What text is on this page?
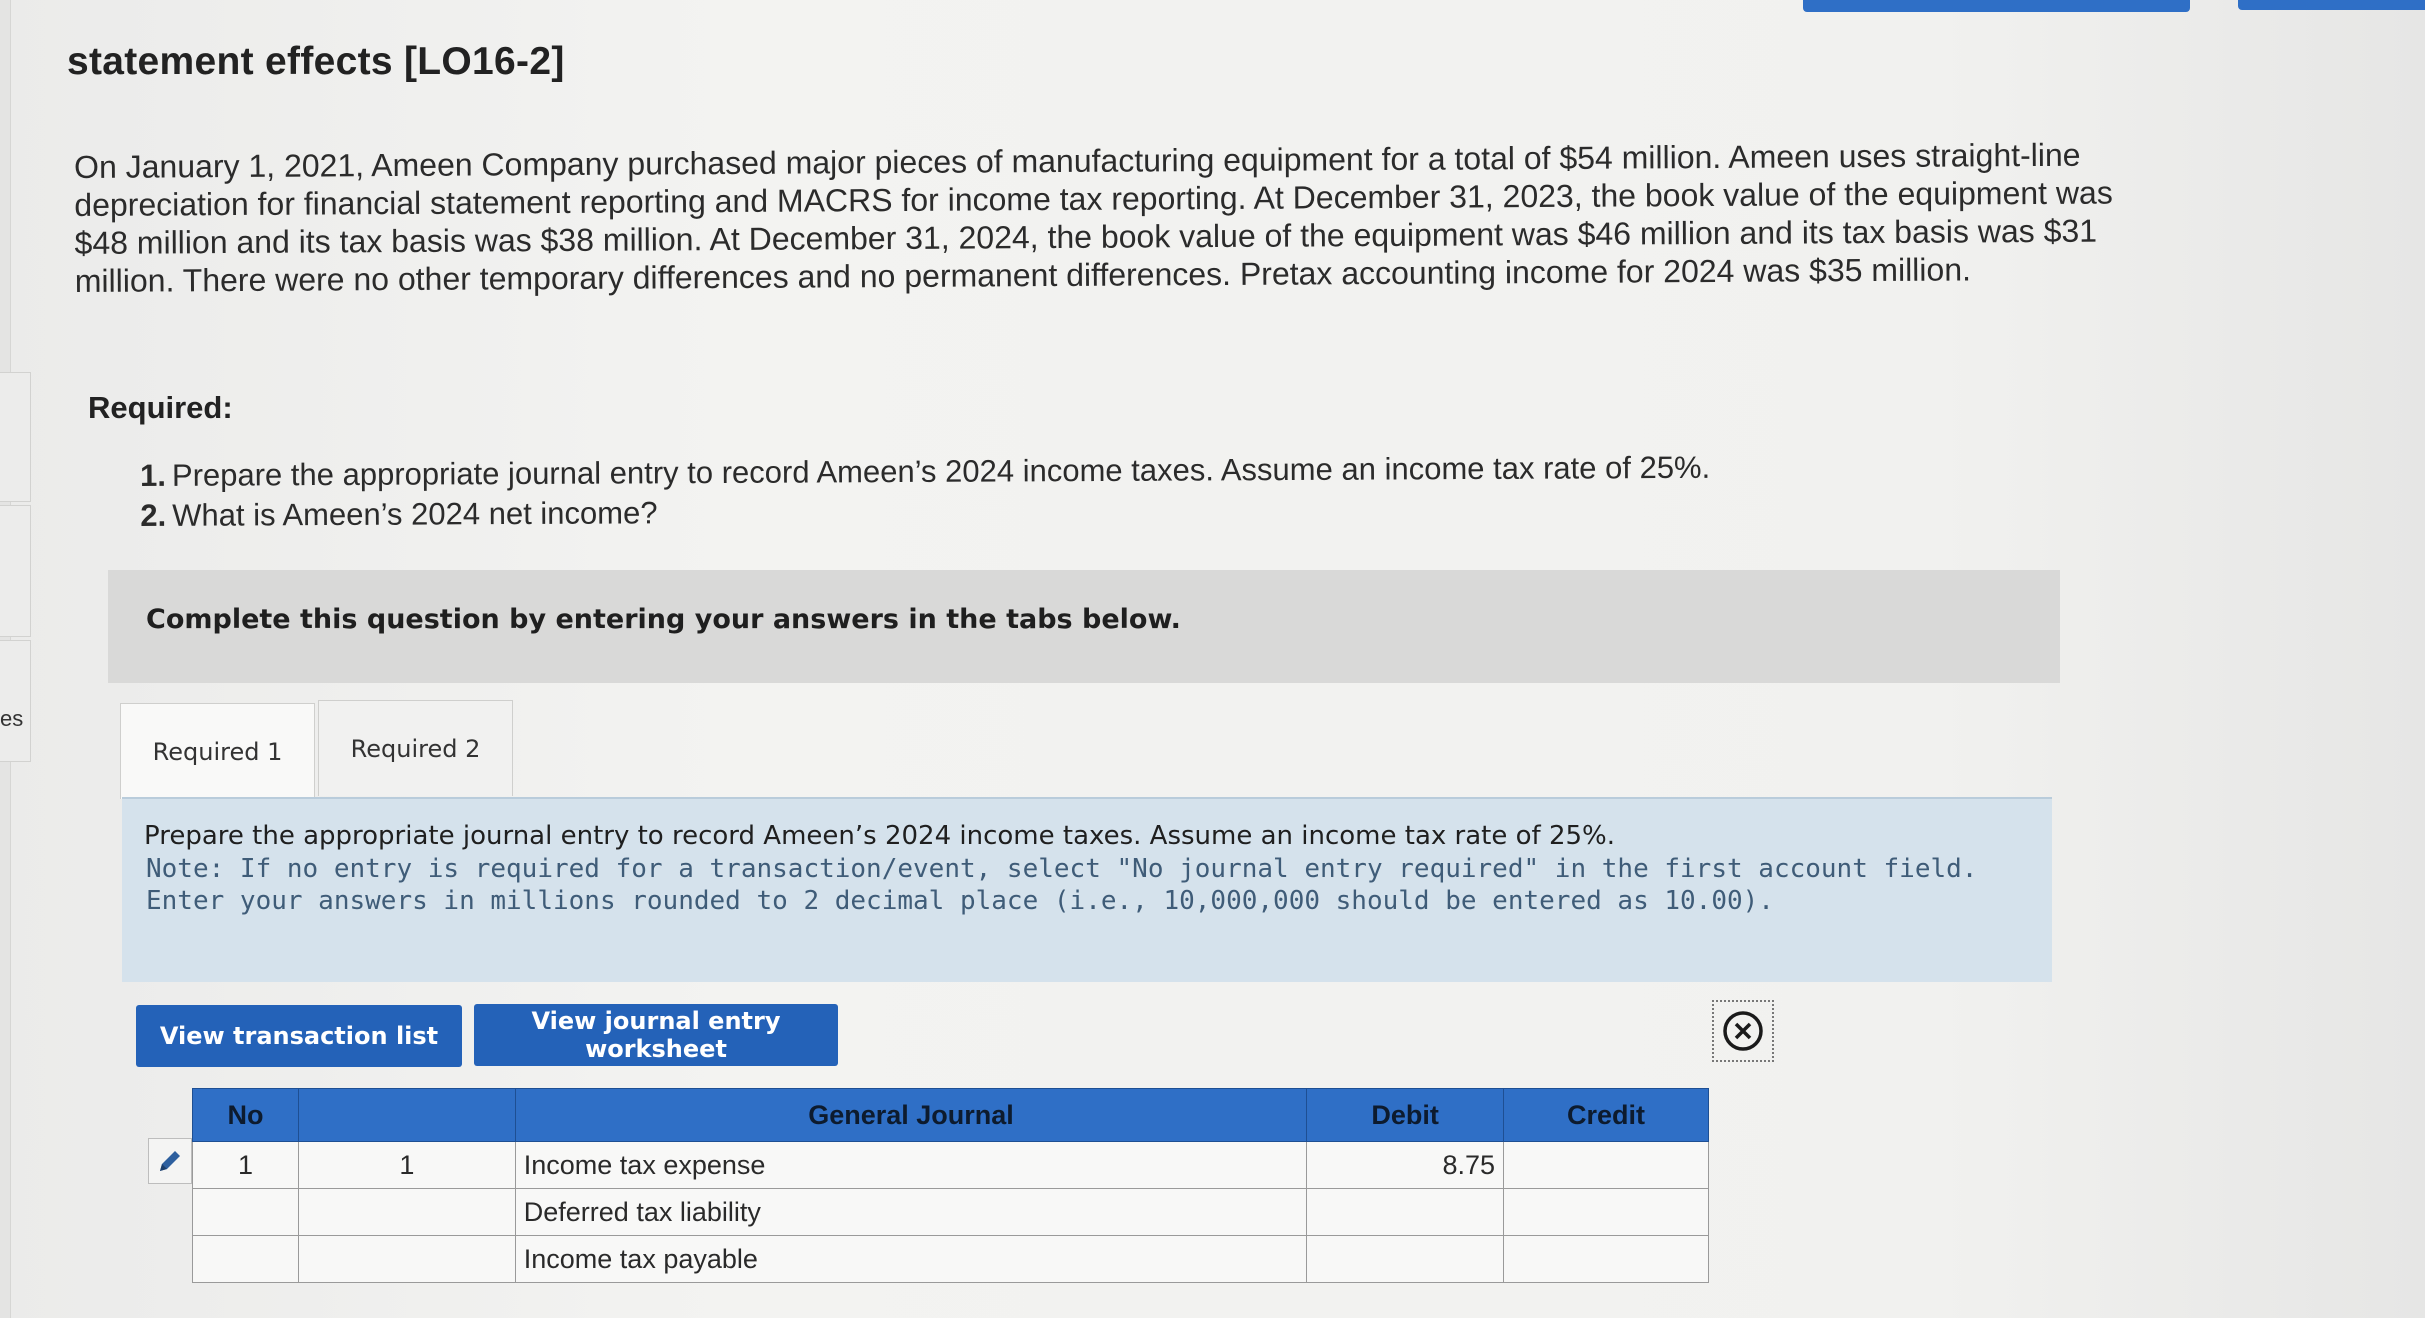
es
statement effects [LO16-2]
On January 1, 2021, Ameen Company purchased major pieces of manufacturing equipment for a total of $54 million. Ameen uses straight-line depreciation for financial statement reporting and MACRS for income tax reporting. At December 31, 2023, the book value of the equipment was $48 million and its tax basis was $38 million. At December 31, 2024, the book value of the equipment was $46 million and its tax basis was $31 million. There were no other temporary differences and no permanent differences. Pretax accounting income for 2024 was $35 million.
Required:
1. Prepare the appropriate journal entry to record Ameen’s 2024 income taxes. Assume an income tax rate of 25%.
2. What is Ameen’s 2024 net income?
Complete this question by entering your answers in the tabs below.
Required 2
Required 1
Prepare the appropriate journal entry to record Ameen’s 2024 income taxes. Assume an income tax rate of 25%.
Note: If no entry is required for a transaction/event, select "No journal entry required" in the first account field. Enter your answers in millions rounded to 2 decimal place (i.e., 10,000,000 should be entered as 10.00).
View transaction list
View journal entry worksheet
No		General Journal	Debit	Credit
1	1	Income tax expense	8.75	
		Deferred tax liability		
		Income tax payable		
